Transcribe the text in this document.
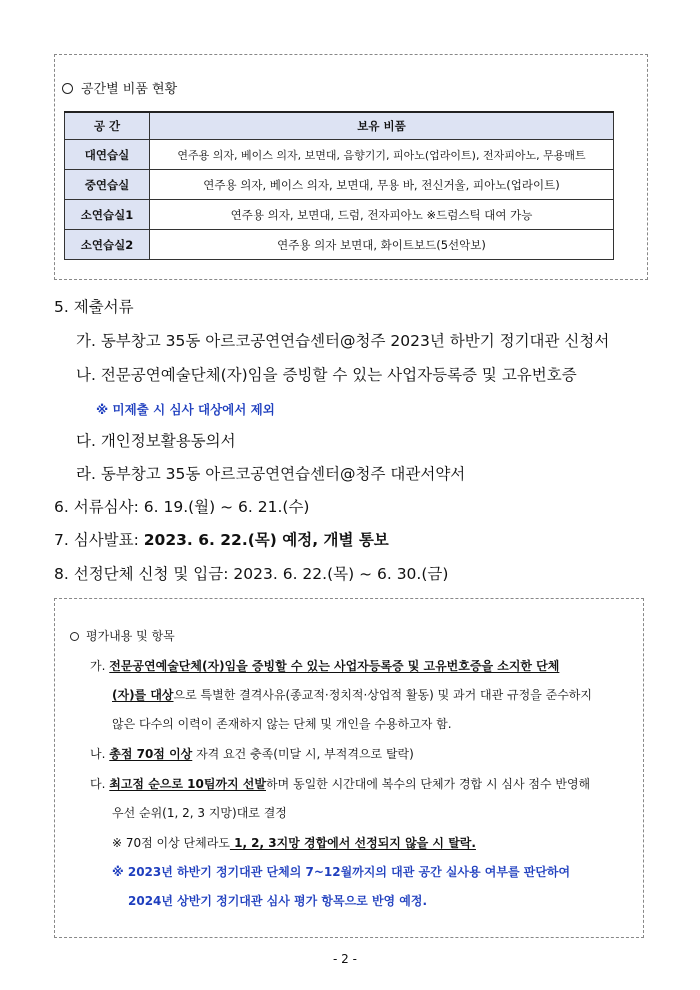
공간별 비품 현황
공 간	보유 비품
대연습실	연주용 의자, 베이스 의자, 보면대, 음향기기, 피아노(업라이트), 전자피아노, 무용매트
중연습실	연주용 의자, 베이스 의자, 보면대, 무용 바, 전신거울, 피아노(업라이트)
소연습실1	연주용 의자, 보면대, 드럼, 전자피아노 ※드럼스틱 대여 가능
소연습실2	연주용 의자 보면대, 화이트보드(5선악보)
5. 제출서류
가. 동부창고 35동 아르코공연연습센터@청주 2023년 하반기 정기대관 신청서
나. 전문공연예술단체(자)임을 증빙할 수 있는 사업자등록증 및 고유번호증
※ 미제출 시 심사 대상에서 제외
다. 개인정보활용동의서
라. 동부창고 35동 아르코공연연습센터@청주 대관서약서
6. 서류심사: 6. 19.(월) ~ 6. 21.(수)
7. 심사발표: 2023. 6. 22.(목) 예정, 개별 통보
8. 선정단체 신청 및 입금: 2023. 6. 22.(목) ~ 6. 30.(금)
평가내용 및 항목
가. 전문공연예술단체(자)임을 증빙할 수 있는 사업자등록증 및 고유번호증을 소지한 단체
(자)를 대상으로 특별한 결격사유(종교적·정치적·상업적 활동) 및 과거 대관 규정을 준수하지
않은 다수의 이력이 존재하지 않는 단체 및 개인을 수용하고자 함.
나. 총점 70점 이상 자격 요건 충족(미달 시, 부적격으로 탈락)
다. 최고점 순으로 10팀까지 선발하며 동일한 시간대에 복수의 단체가 경합 시 심사 점수 반영해
우선 순위(1, 2, 3 지망)대로 결정
※ 70점 이상 단체라도 1, 2, 3지망 경합에서 선정되지 않을 시 탈락.
※ 2023년 하반기 정기대관 단체의 7~12월까지의 대관 공간 실사용 여부를 판단하여
2024년 상반기 정기대관 심사 평가 항목으로 반영 예정.
- 2 -
